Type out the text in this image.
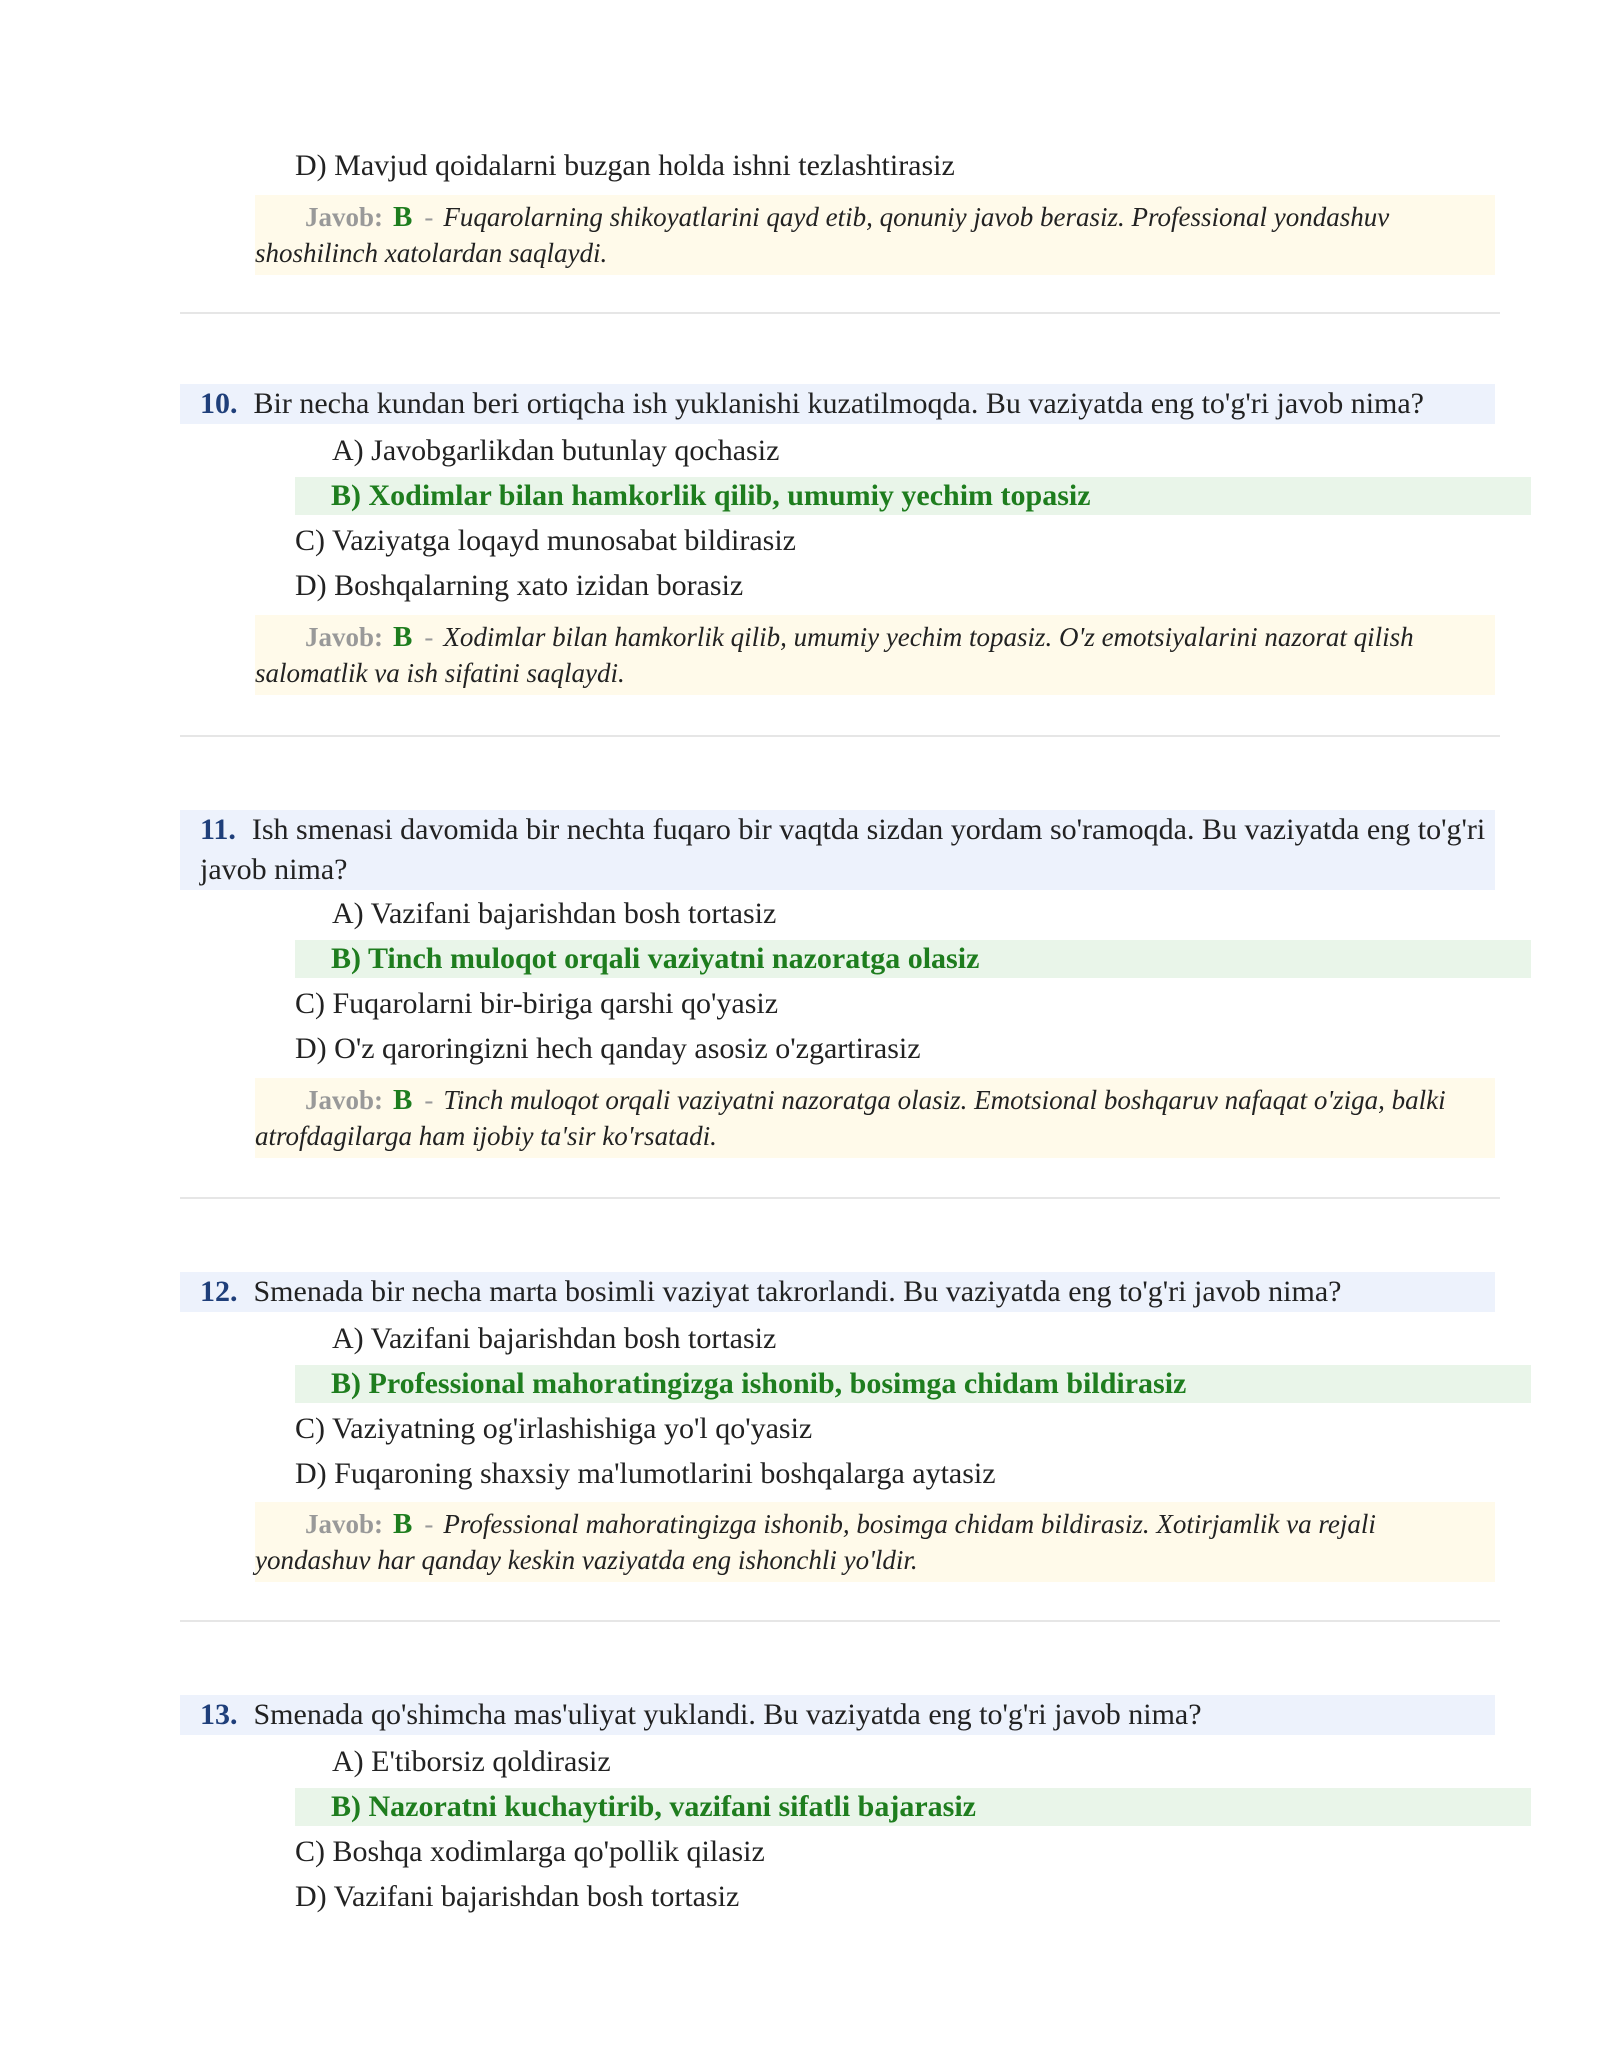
D) Mavjud qoidalarni buzgan holda ishni tezlashtirasiz
Javob: B - Fuqarolarning shikoyatlarini qayd etib, qonuniy javob berasiz. Professional yondashuv shoshilinch xatolardan saqlaydi.
10. Bir necha kundan beri ortiqcha ish yuklanishi kuzatilmoqda. Bu vaziyatda eng to'g'ri javob nima?
A) Javobgarlikdan butunlay qochasiz
B) Xodimlar bilan hamkorlik qilib, umumiy yechim topasiz
C) Vaziyatga loqayd munosabat bildirasiz
D) Boshqalarning xato izidan borasiz
Javob: B - Xodimlar bilan hamkorlik qilib, umumiy yechim topasiz. O'z emotsiyalarini nazorat qilish salomatlik va ish sifatini saqlaydi.
11. Ish smenasi davomida bir nechta fuqaro bir vaqtda sizdan yordam so'ramoqda. Bu vaziyatda eng to'g'ri javob nima?
A) Vazifani bajarishdan bosh tortasiz
B) Tinch muloqot orqali vaziyatni nazoratga olasiz
C) Fuqarolarni bir-biriga qarshi qo'yasiz
D) O'z qaroringizni hech qanday asosiz o'zgartirasiz
Javob: B - Tinch muloqot orqali vaziyatni nazoratga olasiz. Emotsional boshqaruv nafaqat o'ziga, balki atrofdagilarga ham ijobiy ta'sir ko'rsatadi.
12. Smenada bir necha marta bosimli vaziyat takrorlandi. Bu vaziyatda eng to'g'ri javob nima?
A) Vazifani bajarishdan bosh tortasiz
B) Professional mahoratingizga ishonib, bosimga chidam bildirasiz
C) Vaziyatning og'irlashishiga yo'l qo'yasiz
D) Fuqaroning shaxsiy ma'lumotlarini boshqalarga aytasiz
Javob: B - Professional mahoratingizga ishonib, bosimga chidam bildirasiz. Xotirjamlik va rejali yondashuv har qanday keskin vaziyatda eng ishonchli yo'ldir.
13. Smenada qo'shimcha mas'uliyat yuklandi. Bu vaziyatda eng to'g'ri javob nima?
A) E'tiborsiz qoldirasiz
B) Nazoratni kuchaytirib, vazifani sifatli bajarasiz
C) Boshqa xodimlarga qo'pollik qilasiz
D) Vazifani bajarishdan bosh tortasiz
